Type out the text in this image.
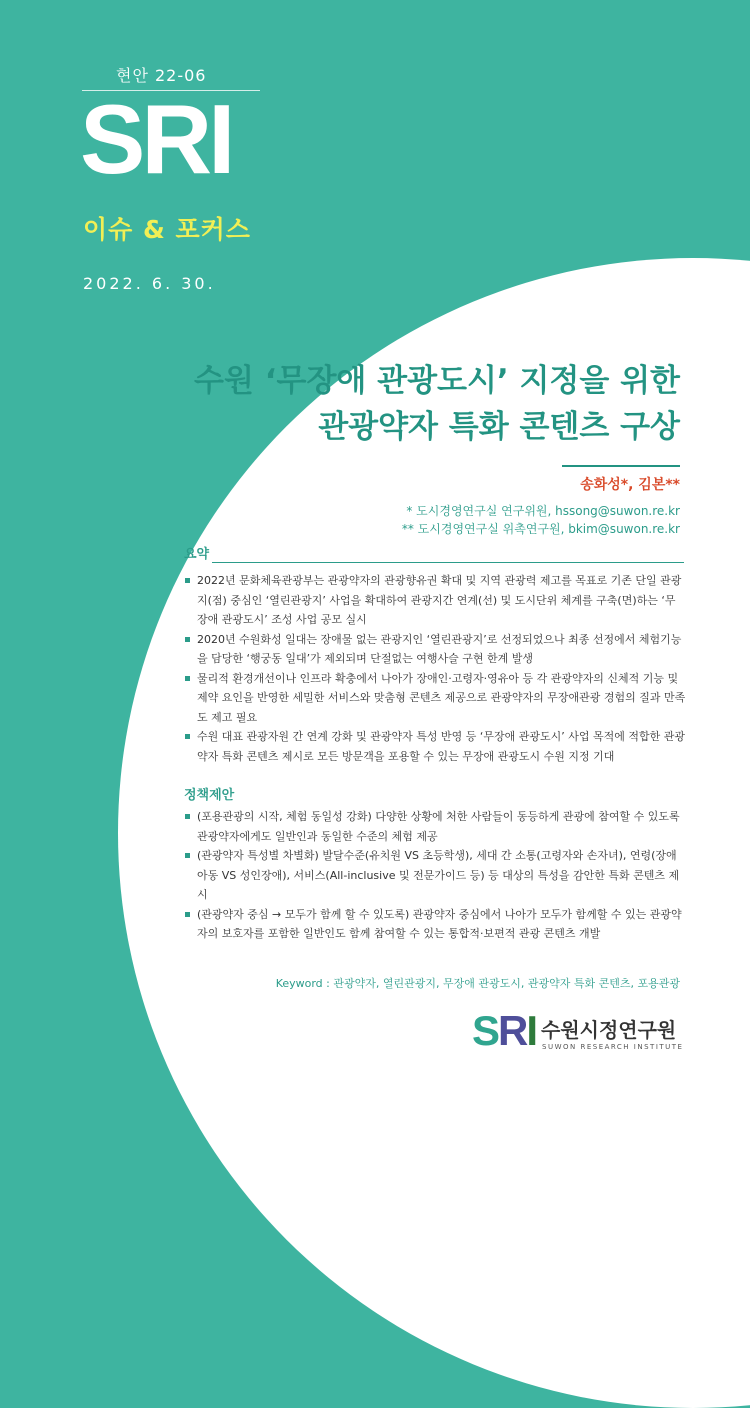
현안 22-06
SRI
이슈 & 포커스
2022. 6. 30.
수원 ‘무장애 관광도시’ 지정을 위한
관광약자 특화 콘텐츠 구상
송화성*, 김본**
* 도시경영연구실 연구위원, hssong@suwon.re.kr
** 도시경영연구실 위촉연구원, bkim@suwon.re.kr
요약
2022년 문화체육관광부는 관광약자의 관광향유권 확대 및 지역 관광력 제고를 목표로 기존 단일 관광지(점) 중심인 ‘열린관광지’ 사업을 확대하여 관광지간 연계(선) 및 도시단위 체계를 구축(면)하는 ‘무장애 관광도시’ 조성 사업 공모 실시
2020년 수원화성 일대는 장애물 없는 관광지인 ‘열린관광지’로 선정되었으나 최종 선정에서 체험기능을 담당한 ‘행궁동 일대’가 제외되며 단절없는 여행사슬 구현 한계 발생
물리적 환경개선이나 인프라 확충에서 나아가 장애인·고령자·영유아 등 각 관광약자의 신체적 기능 및 제약 요인을 반영한 세밀한 서비스와 맞춤형 콘텐츠 제공으로 관광약자의 무장애관광 경험의 질과 만족도 제고 필요
수원 대표 관광자원 간 연계 강화 및 관광약자 특성 반영 등 ‘무장애 관광도시’ 사업 목적에 적합한 관광약자 특화 콘텐츠 제시로 모든 방문객을 포용할 수 있는 무장애 관광도시 수원 지정 기대
정책제안
(포용관광의 시작, 체험 동일성 강화) 다양한 상황에 처한 사람들이 동등하게 관광에 참여할 수 있도록 관광약자에게도 일반인과 동일한 수준의 체험 제공
(관광약자 특성별 차별화) 발달수준(유치원 VS 초등학생), 세대 간 소통(고령자와 손자녀), 연령(장애아동 VS 성인장애), 서비스(All-inclusive 및 전문가이드 등) 등 대상의 특성을 감안한 특화 콘텐츠 제시
(관광약자 중심 → 모두가 함께 할 수 있도록) 관광약자 중심에서 나아가 모두가 함께할 수 있는 관광약자의 보호자를 포함한 일반인도 함께 참여할 수 있는 통합적·보편적 관광 콘텐츠 개발
Keyword : 관광약자, 열린관광지, 무장애 관광도시, 관광약자 특화 콘텐츠, 포용관광
SRI 수원시정연구원
SUWON RESEARCH INSTITUTE
